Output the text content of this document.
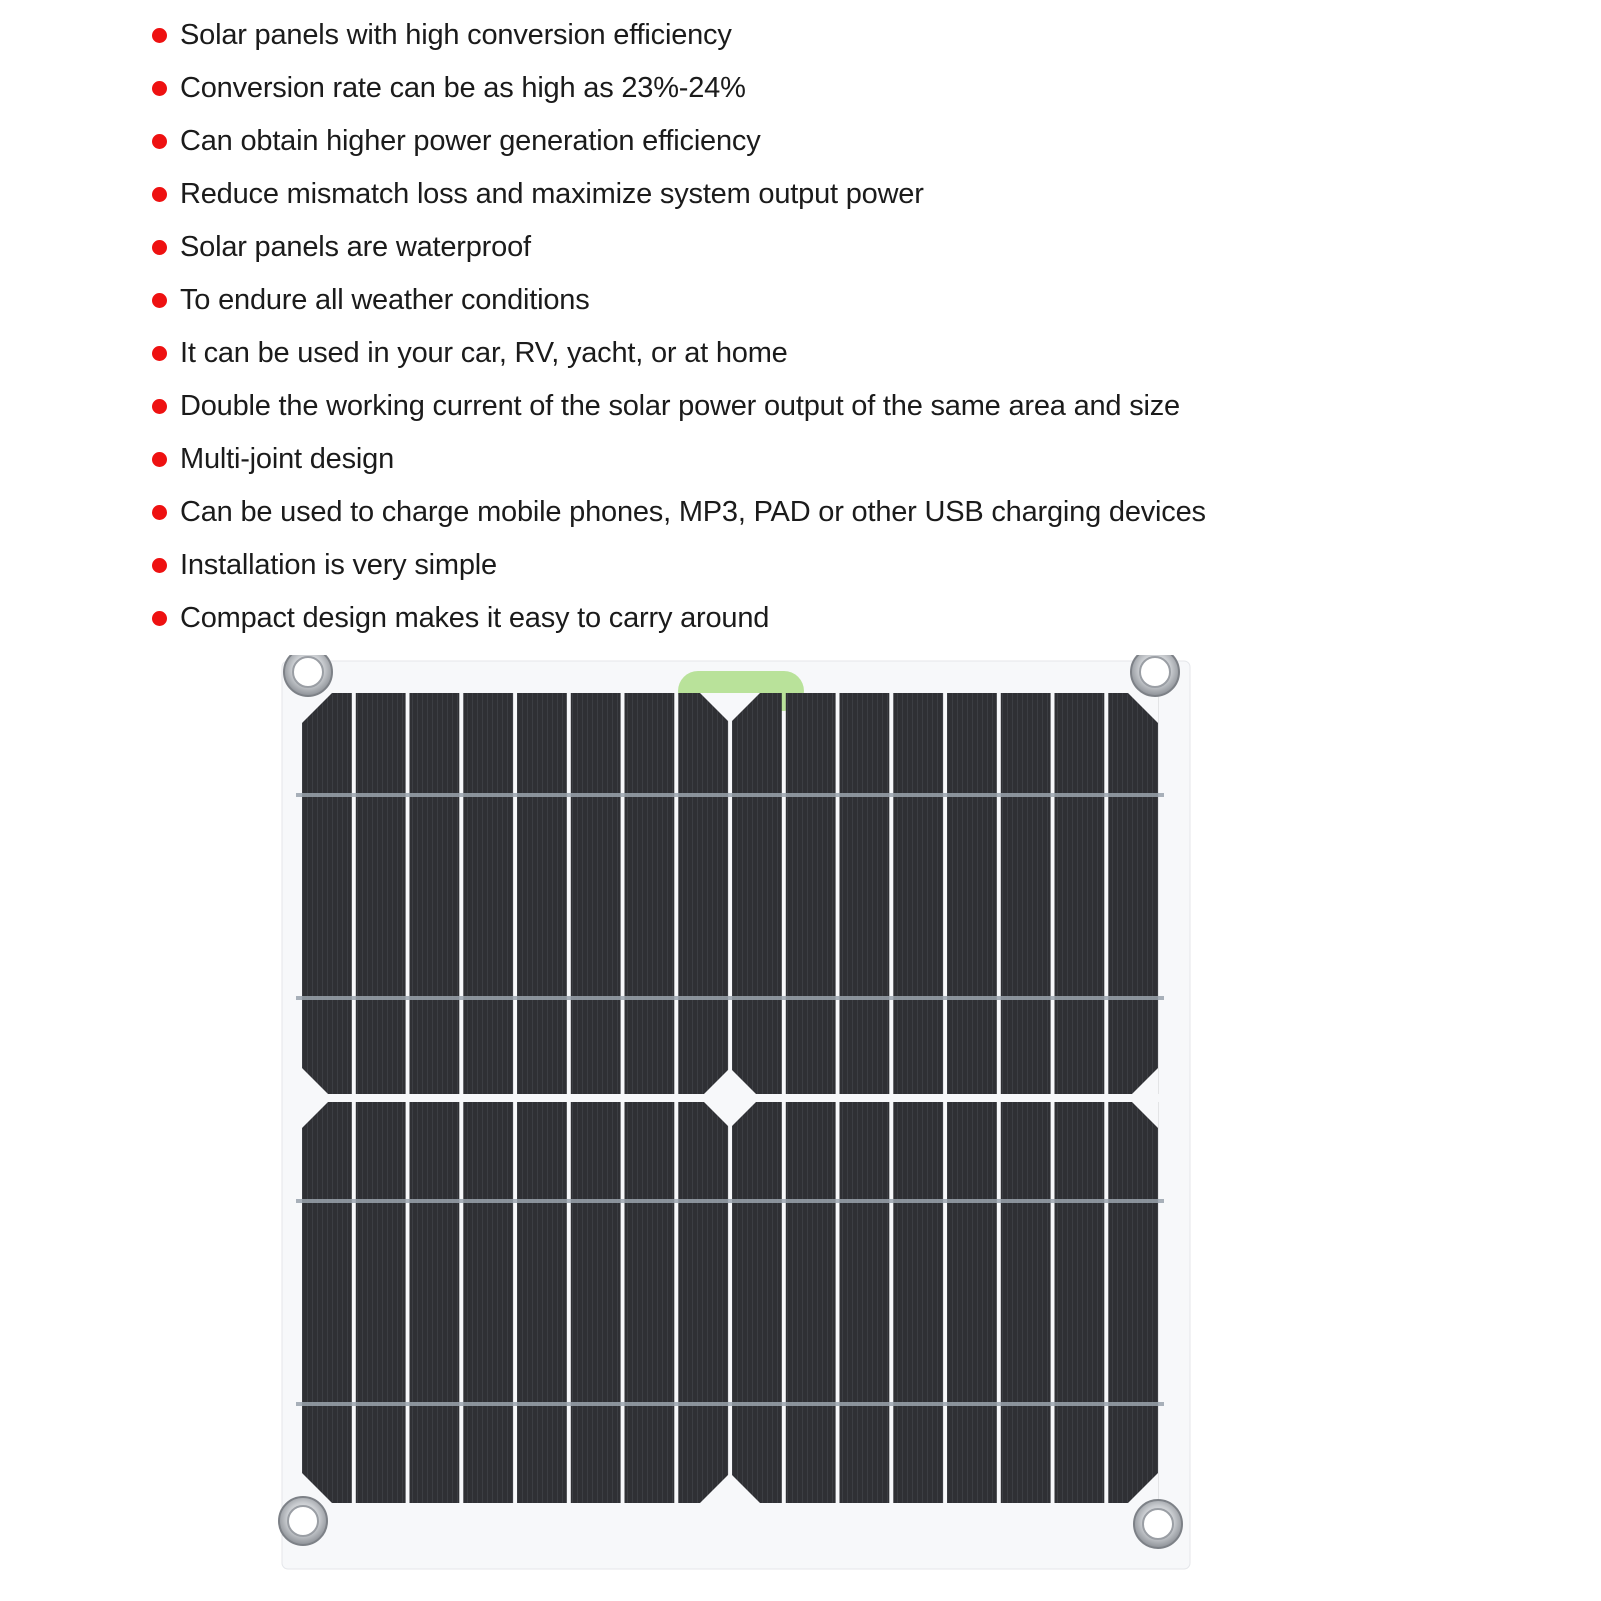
Solar panels with high conversion efficiency
Conversion rate can be as high as 23%-24%
Can obtain higher power generation efficiency
Reduce mismatch loss and maximize system output power
Solar panels are waterproof
To endure all weather conditions
It can be used in your car, RV, yacht, or at home
Double the working current of the solar power output of the same area and size
Multi-joint design
Can be used to charge mobile phones, MP3, PAD or other USB charging devices
Installation is very simple
Compact design makes it easy to carry around
